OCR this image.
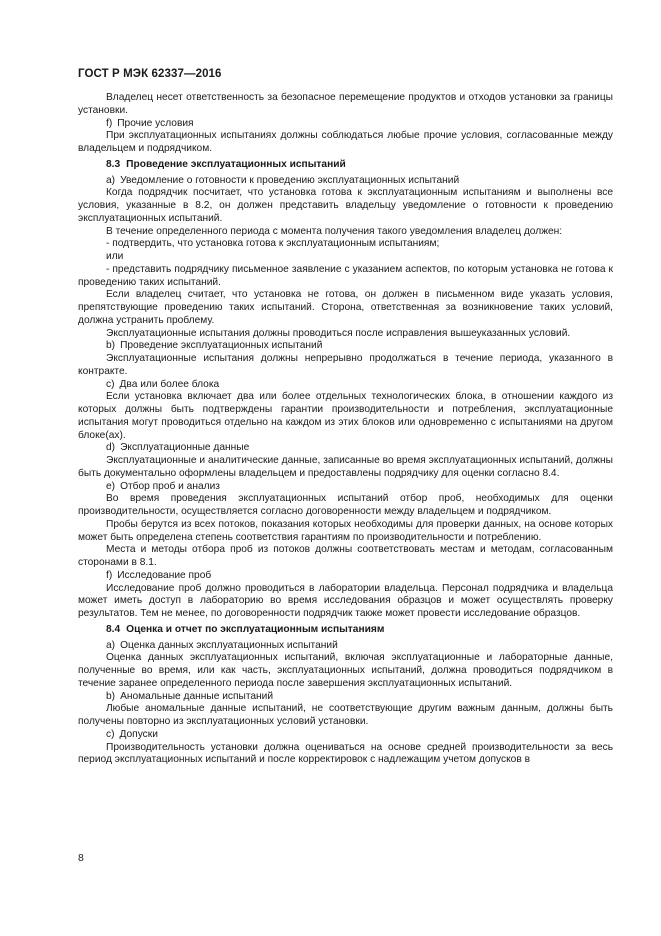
ГОСТ Р МЭК 62337—2016
Владелец несет ответственность за безопасное перемещение продуктов и отходов установки за границы установки.
f) Прочие условия
При эксплуатационных испытаниях должны соблюдаться любые прочие условия, согласованные между владельцем и подрядчиком.
8.3 Проведение эксплуатационных испытаний
a) Уведомление о готовности к проведению эксплуатационных испытаний
Когда подрядчик посчитает, что установка готова к эксплуатационным испытаниям и выполнены все условия, указанные в 8.2, он должен представить владельцу уведомление о готовности к проведению эксплуатационных испытаний.
В течение определенного периода с момента получения такого уведомления владелец должен:
- подтвердить, что установка готова к эксплуатационным испытаниям;
или
- представить подрядчику письменное заявление с указанием аспектов, по которым установка не готова к проведению таких испытаний.
Если владелец считает, что установка не готова, он должен в письменном виде указать условия, препятствующие проведению таких испытаний. Сторона, ответственная за возникновение таких условий, должна устранить проблему.
Эксплуатационные испытания должны проводиться после исправления вышеуказанных условий.
b) Проведение эксплуатационных испытаний
Эксплуатационные испытания должны непрерывно продолжаться в течение периода, указанного в контракте.
c) Два или более блока
Если установка включает два или более отдельных технологических блока, в отношении каждого из которых должны быть подтверждены гарантии производительности и потребления, эксплуатационные испытания могут проводиться отдельно на каждом из этих блоков или одновременно с испытаниями на другом блоке(ах).
d) Эксплуатационные данные
Эксплуатационные и аналитические данные, записанные во время эксплуатационных испытаний, должны быть документально оформлены владельцем и предоставлены подрядчику для оценки согласно 8.4.
e) Отбор проб и анализ
Во время проведения эксплуатационных испытаний отбор проб, необходимых для оценки производительности, осуществляется согласно договоренности между владельцем и подрядчиком.
Пробы берутся из всех потоков, показания которых необходимы для проверки данных, на основе которых может быть определена степень соответствия гарантиям по производительности и потреблению.
Места и методы отбора проб из потоков должны соответствовать местам и методам, согласованным сторонами в 8.1.
f) Исследование проб
Исследование проб должно проводиться в лаборатории владельца. Персонал подрядчика и владельца может иметь доступ в лабораторию во время исследования образцов и может осуществлять проверку результатов. Тем не менее, по договоренности подрядчик также может провести исследование образцов.
8.4 Оценка и отчет по эксплуатационным испытаниям
a) Оценка данных эксплуатационных испытаний
Оценка данных эксплуатационных испытаний, включая эксплуатационные и лабораторные данные, полученные во время, или как часть, эксплуатационных испытаний, должна проводиться подрядчиком в течение заранее определенного периода после завершения эксплуатационных испытаний.
b) Аномальные данные испытаний
Любые аномальные данные испытаний, не соответствующие другим важным данным, должны быть получены повторно из эксплуатационных условий установки.
c) Допуски
Производительность установки должна оцениваться на основе средней производительности за весь период эксплуатационных испытаний и после корректировок с надлежащим учетом допусков в
8
